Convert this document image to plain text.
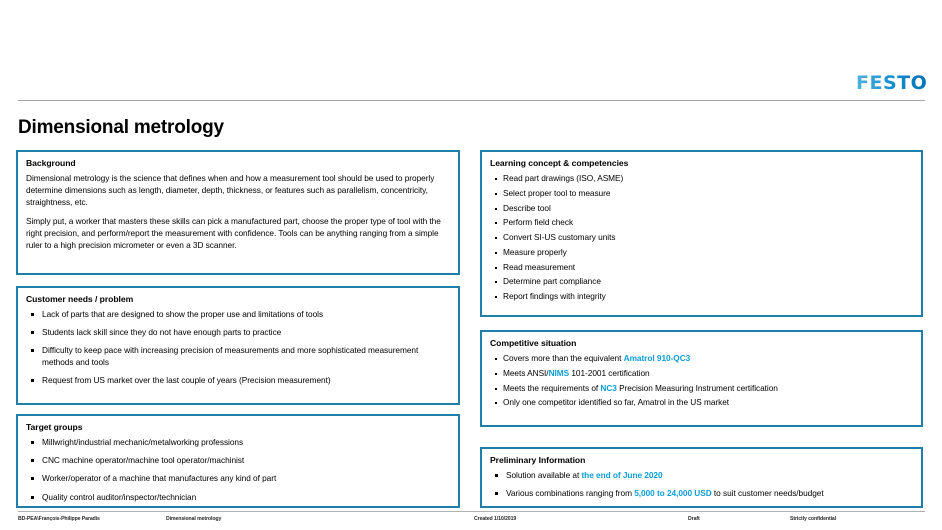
FESTO
Dimensional metrology
Background
Dimensional metrology is the science that defines when and how a measurement tool should be used to properly determine dimensions such as length, diameter, depth, thickness, or features such as parallelism, concentricity, straightness, etc.
Simply put, a worker that masters these skills can pick a manufactured part, choose the proper type of tool with the right precision, and perform/report the measurement with confidence. Tools can be anything ranging from a simple ruler to a high precision micrometer or even a 3D scanner.
Customer needs / problem
Lack of parts that are designed to show the proper use and limitations of tools
Students lack skill since they do not have enough parts to practice
Difficulty to keep pace with increasing precision of measurements and more sophisticated measurement methods and tools
Request from US market over the last couple of years (Precision measurement)
Target groups
Millwright/industrial mechanic/metalworking professions
CNC machine operator/machine tool operator/machinist
Worker/operator of a machine that manufactures any kind of part
Quality control auditor/inspector/technician
Learning concept & competencies
Read part drawings (ISO, ASME)
Select proper tool to measure
Describe tool
Perform field check
Convert SI-US customary units
Measure properly
Read measurement
Determine part compliance
Report findings with integrity
Competitive situation
Covers more than the equivalent Amatrol 910-QC3
Meets ANSI/NIMS 101-2001 certification
Meets the requirements of NC3 Precision Measuring Instrument certification
Only one competitor identified so far, Amatrol in the US market
Preliminary Information
Solution available at the end of June 2020
Various combinations ranging from 5,000 to 24,000 USD to suit customer needs/budget
BD-PEA\François-Philippe Paradis	Dimensional metrology	Created 1/10/2019	Draft	Strictly confidential
